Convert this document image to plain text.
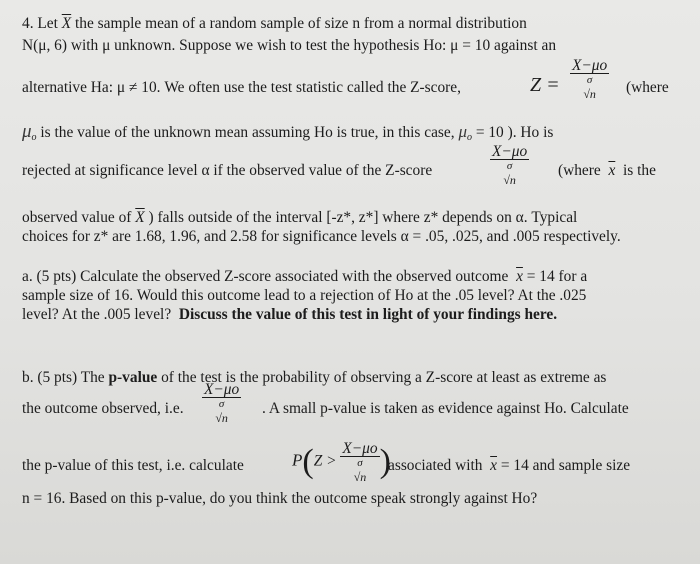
4. Let $\overline{X}$ the sample mean of a random sample of size n from a normal distribution
N(μ, 6) with μ unknown. Suppose we wish to test the hypothesis Ho: μ = 10 against an
alternative Ha: μ ≠ 10. We often use the test statistic called the Z-score,	Z =
X−μo
σ
√n	(where
$\mu_o$ is the value of the unknown mean assuming Ho is true, in this case, $\mu_o = 10$ ). Ho is
rejected at significance level α if the observed value of the Z-score
X−μo
σ
√n
(where $\overline{x}$ is the
observed value of $\overline{X}$ ) falls outside of the interval [-z*, z*] where z* depends on α. Typical
choices for z* are 1.68, 1.96, and 2.58 for significance levels α = .05, .025, and .005 respectively.
a. (5 pts) Calculate the observed Z-score associated with the observed outcome $\overline{x} = 14$ for a
sample size of 16. Would this outcome lead to a rejection of Ho at the .05 level? At the .025
level? At the .005 level? Discuss the value of this test in light of your findings here.
b. (5 pts) The p-value of the test is the probability of observing a Z-score at least as extreme as
the outcome observed, i.e.
X−μo
σ
√n
. A small p-value is taken as evidence against Ho. Calculate
the p-value of this test, i.e. calculate	P(Z >
X−μo
σ
√n )
associated with $\overline{x} = 14$ and sample size
n = 16. Based on this p-value, do you think the outcome speak strongly against Ho?
